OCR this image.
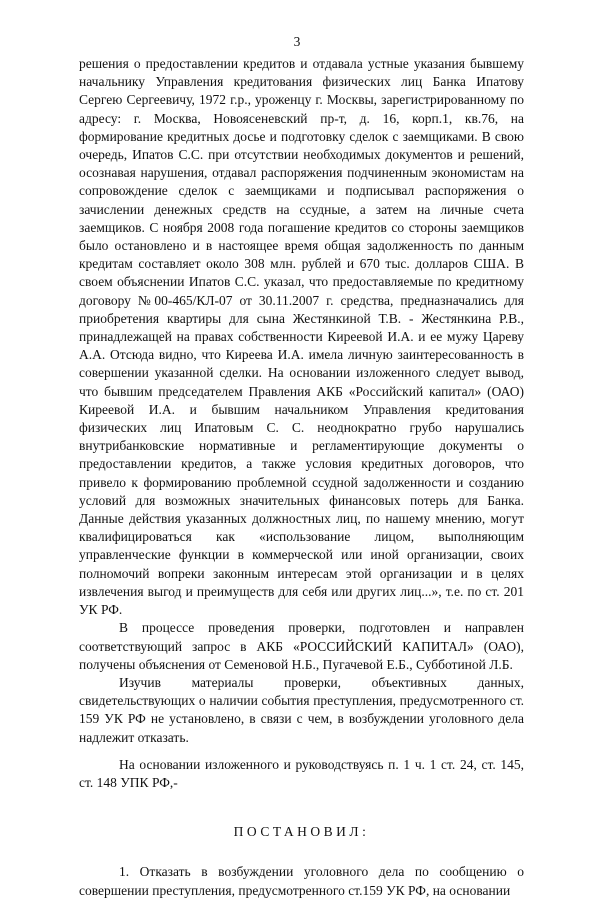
3

решения о предоставлении кредитов и отдавала устные указания бывшему начальнику Управления кредитования физических лиц Банка Ипатову Сергею Сергеевичу, 1972 г.р., уроженцу г. Москвы, зарегистрированному по адресу: г. Москва, Новоясеневский пр-т, д. 16, корп.1, кв.76, на формирование кредитных досье и подготовку сделок с заемщиками. В свою очередь, Ипатов С.С. при отсутствии необходимых документов и решений, осознавая нарушения, отдавал распоряжения подчиненным экономистам на сопровождение сделок с заемщиками и подписывал распоряжения о зачислении денежных средств на ссудные, а затем на личные счета заемщиков. С ноября 2008 года погашение кредитов со стороны заемщиков было остановлено и в настоящее время общая задолженность по данным кредитам составляет около 308 млн. рублей и 670 тыс. долларов США. В своем объяснении Ипатов С.С. указал, что предоставляемые по кредитному договору №00-465/КЛ-07 от 30.11.2007 г. средства, предназначались для приобретения квартиры для сына Жестянкиной Т.В. - Жестянкина Р.В., принадлежащей на правах собственности Киреевой И.А. и ее мужу Цареву А.А. Отсюда видно, что Киреева И.А. имела личную заинтересованность в совершении указанной сделки. На основании изложенного следует вывод, что бывшим председателем Правления АКБ «Российский капитал» (ОАО) Киреевой И.А. и бывшим начальником Управления кредитования физических лиц Ипатовым С. С. неоднократно грубо нарушались внутрибанковские нормативные и регламентирующие документы о предоставлении кредитов, а также условия кредитных договоров, что привело к формированию проблемной ссудной задолженности и созданию условий для возможных значительных финансовых потерь для Банка. Данные действия указанных должностных лиц, по нашему мнению, могут квалифицироваться как «использование лицом, выполняющим управленческие функции в коммерческой или иной организации, своих полномочий вопреки законным интересам этой организации и в целях извлечения выгод и преимуществ для себя или других лиц...», т.е. по ст. 201 УК РФ.

В процессе проведения проверки, подготовлен и направлен соответствующий запрос в АКБ «РОССИЙСКИЙ КАПИТАЛ» (ОАО), получены объяснения от Семеновой Н.Б., Пугачевой Е.Б., Субботиной Л.Б.

Изучив материалы проверки, объективных данных, свидетельствующих о наличии события преступления, предусмотренного ст. 159 УК РФ не установлено, в связи с чем, в возбуждении уголовного дела надлежит отказать.

На основании изложенного и руководствуясь п. 1 ч. 1 ст. 24, ст. 145, ст. 148 УПК РФ,-

ПОСТАНОВИЛ:

1. Отказать в возбуждении уголовного дела по сообщению о совершении преступления, предусмотренного ст.159 УК РФ, на основании
